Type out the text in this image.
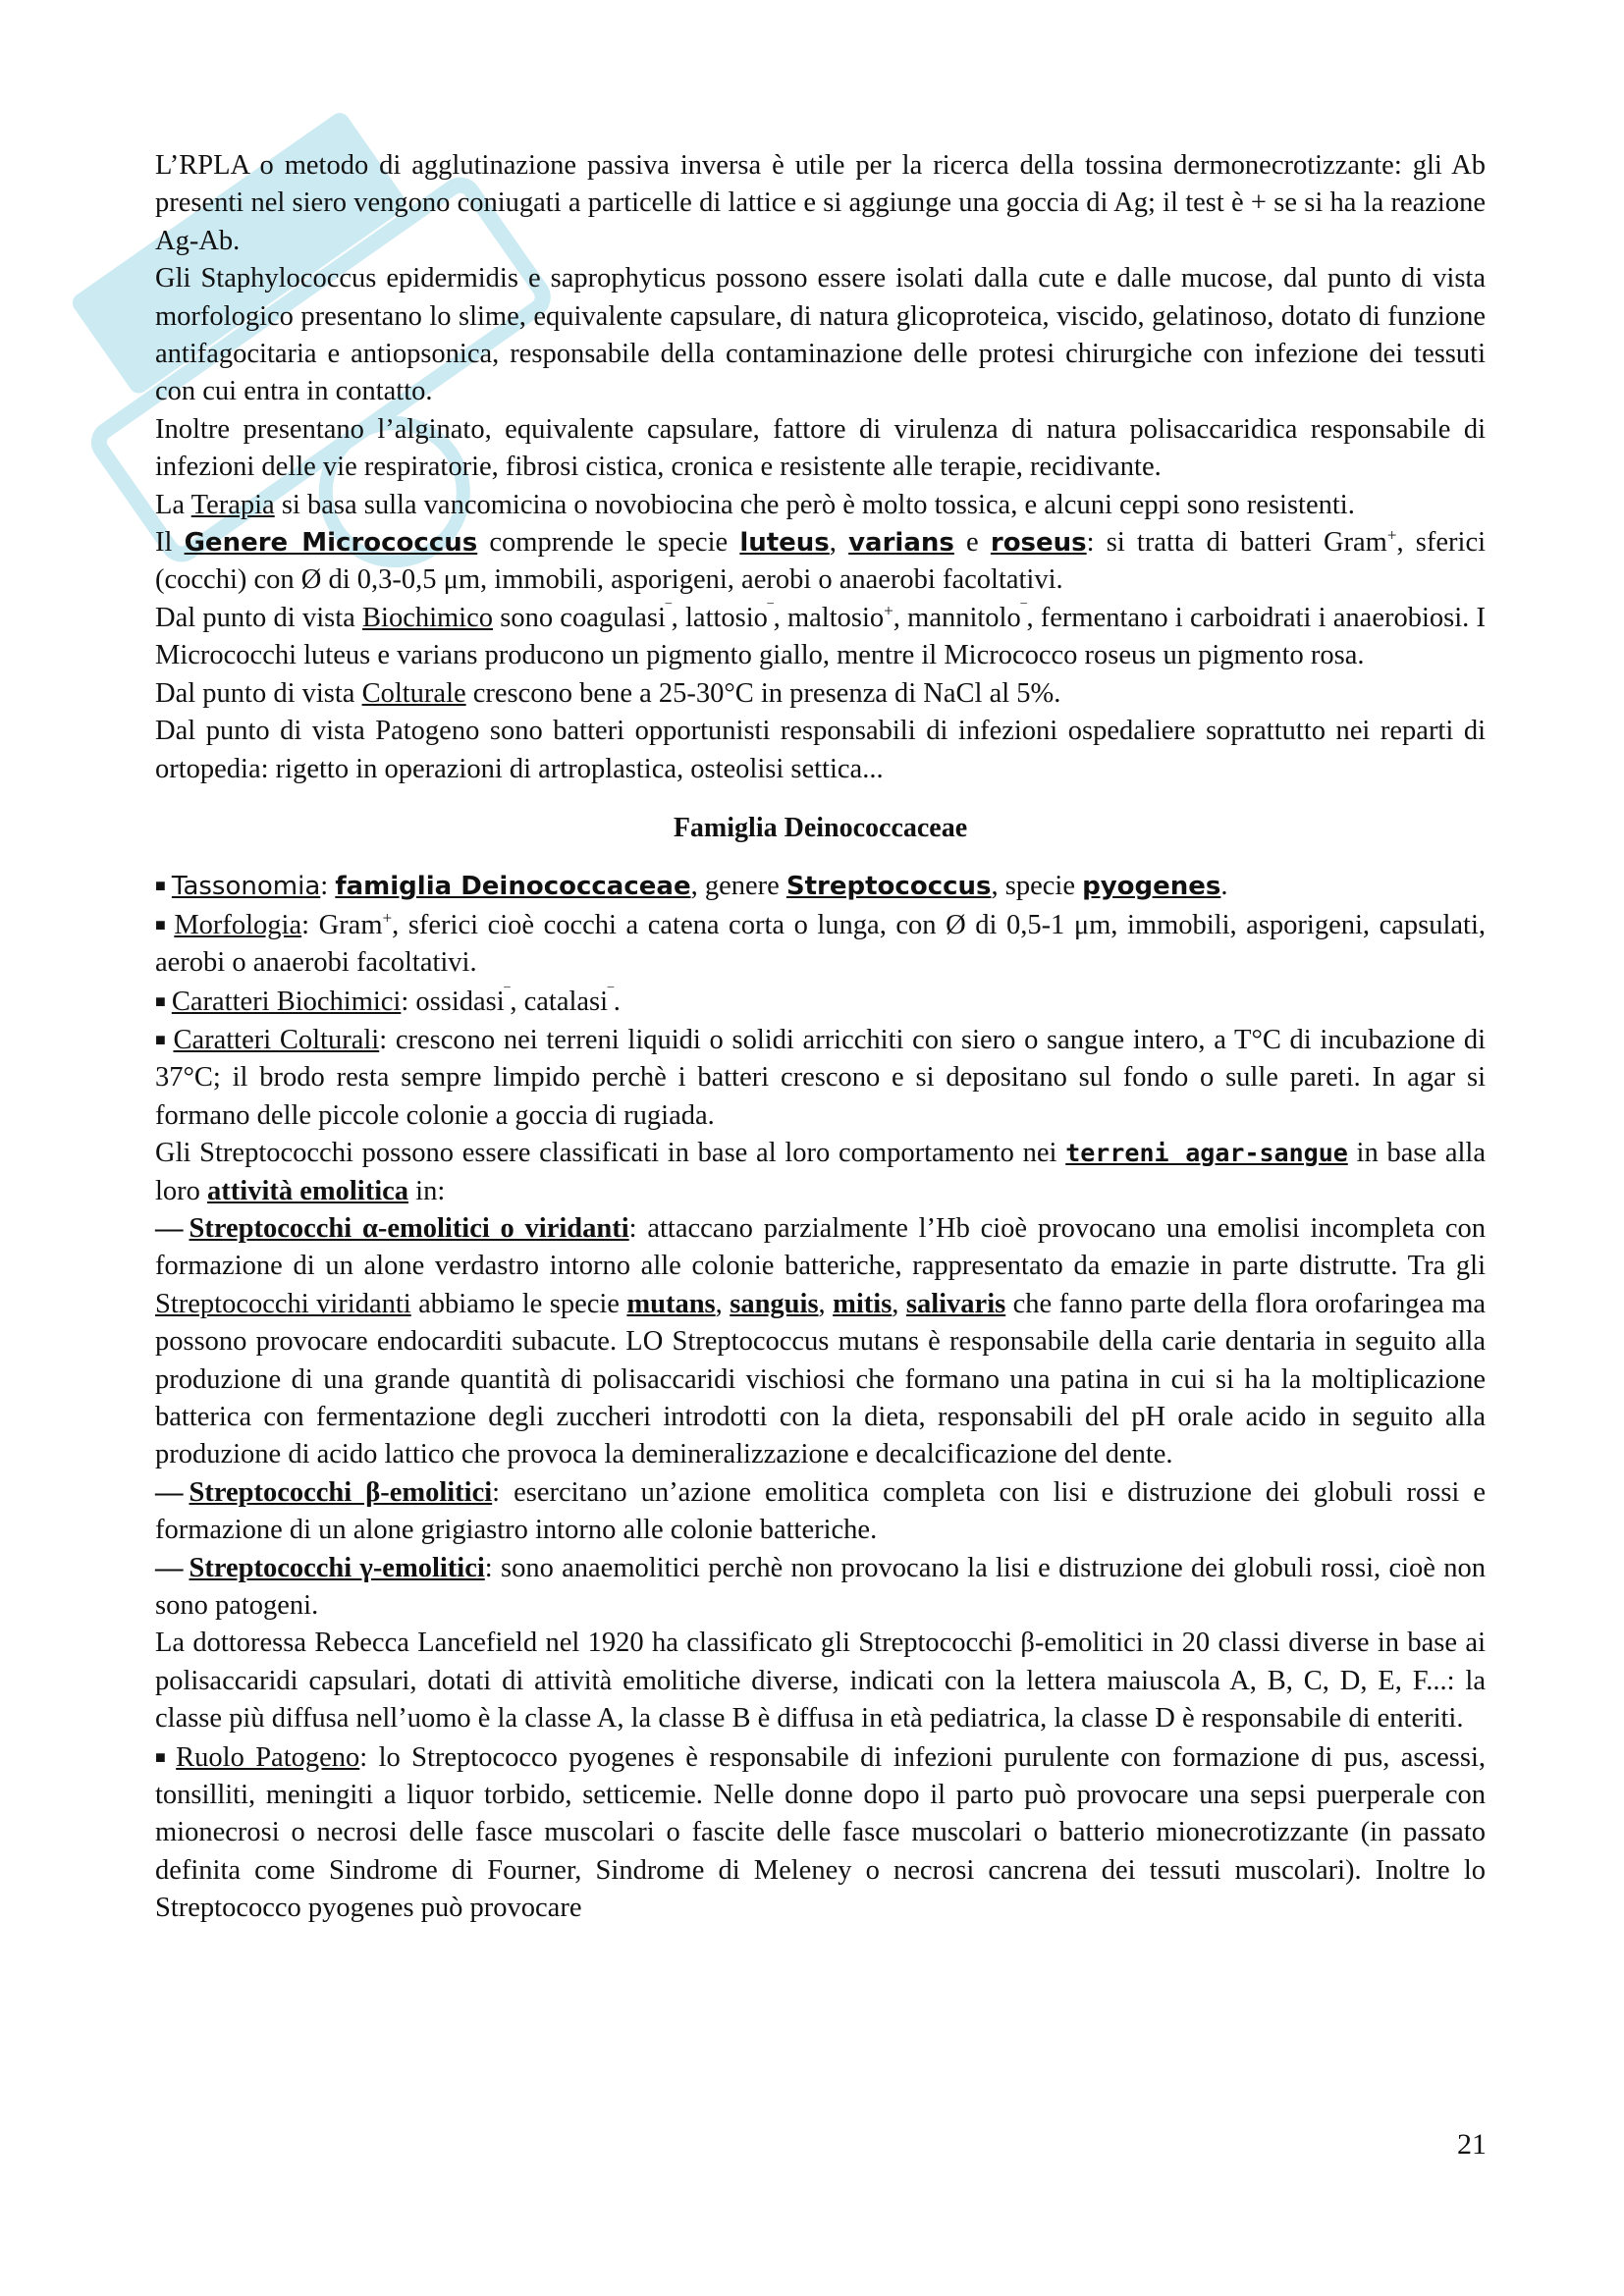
L’RPLA o metodo di agglutinazione passiva inversa è utile per la ricerca della tossina dermonecrotizzante: gli Ab presenti nel siero vengono coniugati a particelle di lattice e si aggiunge una goccia di Ag; il test è + se si ha la reazione Ag-Ab.

Gli Staphylococcus epidermidis e saprophyticus possono essere isolati dalla cute e dalle mucose, dal punto di vista morfologico presentano lo slime, equivalente capsulare, di natura glicoproteica, viscido, gelatinoso, dotato di funzione antifagocitaria e antiopsonica, responsabile della contaminazione delle protesi chirurgiche con infezione dei tessuti con cui entra in contatto.

Inoltre presentano l’alginato, equivalente capsulare, fattore di virulenza di natura polisaccaridica responsabile di infezioni delle vie respiratorie, fibrosi cistica, cronica e resistente alle terapie, recidivante.

La Terapia si basa sulla vancomicina o novobiocina che però è molto tossica, e alcuni ceppi sono resistenti.

Il Genere Micrococcus comprende le specie luteus, varians e roseus: si tratta di batteri Gram+, sferici (cocchi) con Ø di 0,3-0,5 μm, immobili, asporigeni, aerobi o anaerobi facoltativi.

Dal punto di vista Biochimico sono coagulasi‾, lattosio‾, maltosio+, mannitolo‾, fermentano i carboidrati i anaerobiosi. I Micrococchi luteus e varians producono un pigmento giallo, mentre il Micrococco roseus un pigmento rosa.

Dal punto di vista Colturale crescono bene a 25-30°C in presenza di NaCl al 5%.

Dal punto di vista Patogeno sono batteri opportunisti responsabili di infezioni ospedaliere soprattutto nei reparti di ortopedia: rigetto in operazioni di artroplastica, osteolisi settica...

Famiglia Deinococcaceae

■ Tassonomia: famiglia Deinococcaceae, genere Streptococcus, specie pyogenes.

■ Morfologia: Gram+, sferici cioè cocchi a catena corta o lunga, con Ø di 0,5-1 μm, immobili, asporigeni, capsulati, aerobi o anaerobi facoltativi.

■ Caratteri Biochimici: ossidasi‾, catalasi‾.

■ Caratteri Colturali: crescono nei terreni liquidi o solidi arricchiti con siero o sangue intero, a T°C di incubazione di 37°C; il brodo resta sempre limpido perchè i batteri crescono e si depositano sul fondo o sulle pareti. In agar si formano delle piccole colonie a goccia di rugiada.

Gli Streptococchi possono essere classificati in base al loro comportamento nei terreni agar-sangue in base alla loro attività emolitica in:

— Streptococchi α-emolitici o viridanti: attaccano parzialmente l’Hb cioè provocano una emolisi incompleta con formazione di un alone verdastro intorno alle colonie batteriche, rappresentato da emazie in parte distrutte. Tra gli Streptococchi viridanti abbiamo le specie mutans, sanguis, mitis, salivaris che fanno parte della flora orofaringea ma possono provocare endocarditi subacute. LO Streptococcus mutans è responsabile della carie dentaria in seguito alla produzione di una grande quantità di polisaccaridi vischiosi che formano una patina in cui si ha la moltiplicazione batterica con fermentazione degli zuccheri introdotti con la dieta, responsabili del pH orale acido in seguito alla produzione di acido lattico che provoca la demineralizzazione e decalcificazione del dente.

— Streptococchi β-emolitici: esercitano un’azione emolitica completa con lisi e distruzione dei globuli rossi e formazione di un alone grigiastro intorno alle colonie batteriche.

— Streptococchi γ-emolitici: sono anaemolitici perchè non provocano la lisi e distruzione dei globuli rossi, cioè non sono patogeni.

La dottoressa Rebecca Lancefield nel 1920 ha classificato gli Streptococchi β-emolitici in 20 classi diverse in base ai polisaccaridi capsulari, dotati di attività emolitiche diverse, indicati con la lettera maiuscola A, B, C, D, E, F...: la classe più diffusa nell’uomo è la classe A, la classe B è diffusa in età pediatrica, la classe D è responsabile di enteriti.

■ Ruolo Patogeno: lo Streptococco pyogenes è responsabile di infezioni purulente con formazione di pus, ascessi, tonsilliti, meningiti a liquor torbido, setticemie. Nelle donne dopo il parto può provocare una sepsi puerperale con mionecrosi o necrosi delle fasce muscolari o fascite delle fasce muscolari o batterio mionecrotizzante (in passato definita come Sindrome di Fourner, Sindrome di Meleney o necrosi cancrena dei tessuti muscolari). Inoltre lo Streptococco pyogenes può provocare

21
